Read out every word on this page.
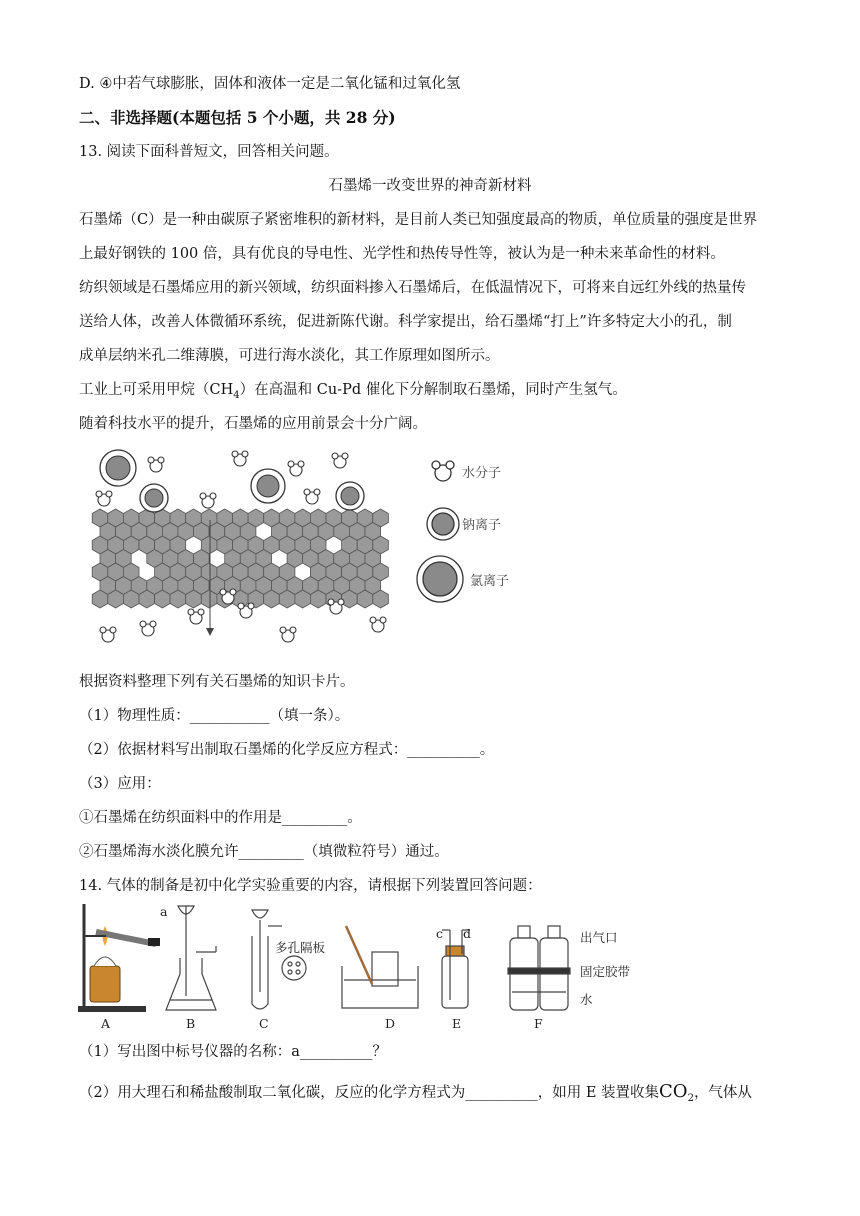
D. ④中若气球膨胀，固体和液体一定是二氧化锰和过氧化氢
二、非选择题(本题包括 5 个小题，共 28 分)
13. 阅读下面科普短文，回答相关问题。
石墨烯一改变世界的神奇新材料
石墨烯（C）是一种由碳原子紧密堆积的新材料，是目前人类已知强度最高的物质，单位质量的强度是世界
上最好钢铁的 100 倍，具有优良的导电性、光学性和热传导性等，被认为是一种未来革命性的材料。
纺织领域是石墨烯应用的新兴领域，纺织面料掺入石墨烯后，在低温情况下，可将来自远红外线的热量传
送给人体，改善人体微循环系统，促进新陈代谢。科学家提出，给石墨烯“打上”许多特定大小的孔，制
成单层纳米孔二维薄膜，可进行海水淡化，其工作原理如图所示。
工业上可采用甲烷$(CH_4)$在高温和 Cu-Pd 催化下分解制取石墨烯，同时产生氢气。
随着科技水平的提升，石墨烯的应用前景会十分广阔。
水分子
钠离子
氯离子
根据资料整理下列有关石墨烯的知识卡片。
（1）物理性质：___________（填一条）。
（2）依据材料写出制取石墨烯的化学反应方程式：__________。
（3）应用：
①石墨烯在纺织面料中的作用是_________。
②石墨烯海水淡化膜允许_________（填微粒符号）通过。
14. 气体的制备是初中化学实验重要的内容，请根据下列装置回答问题：
A	B	C	D	E	F
a
多孔隔板
c d	出气口
固定胶带
水
（1）写出图中标号仪器的名称：a__________？
（2）用大理石和稀盐酸制取二氧化碳，反应的化学方程式为__________，如用 E 装置收集$CO_2$，气体从
